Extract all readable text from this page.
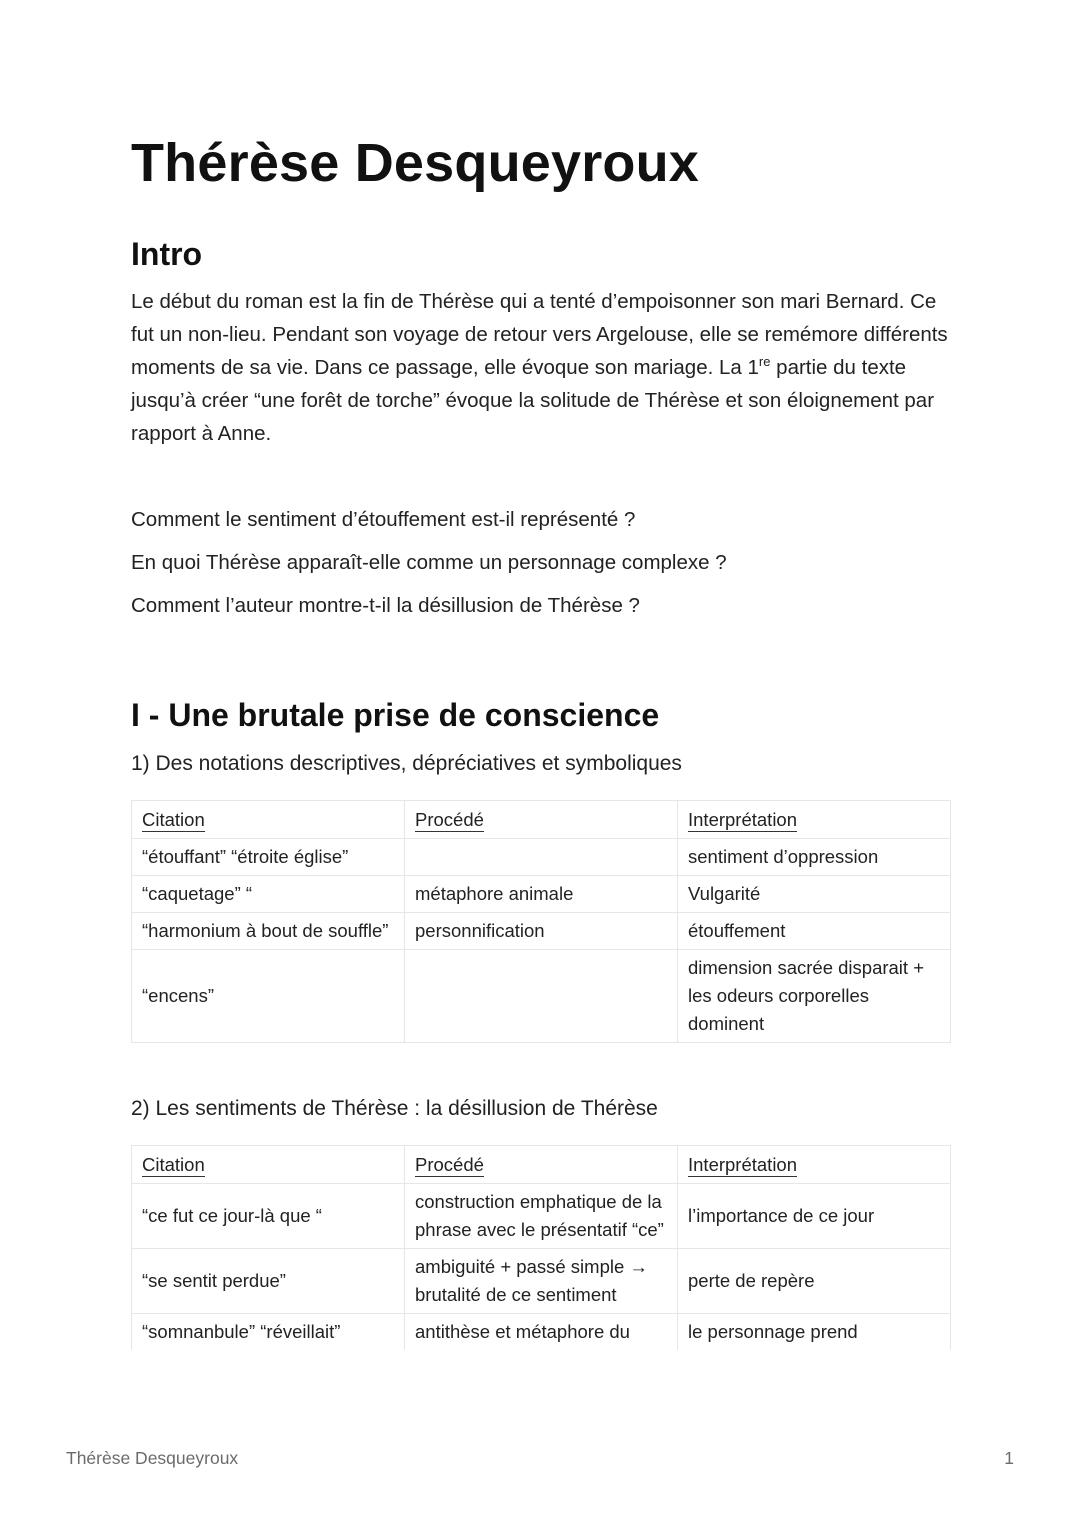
Thérèse Desqueyroux
Intro

Le début du roman est la fin de Thérèse qui a tenté d’empoisonner son mari Bernard. Ce fut un non-lieu. Pendant son voyage de retour vers Argelouse, elle se remémore différents moments de sa vie. Dans ce passage, elle évoque son mariage. La 1re partie du texte jusqu’à créer “une forêt de torche” évoque la solitude de Thérèse et son éloignement par rapport à Anne.

Comment le sentiment d’étouffement est-il représenté ?

En quoi Thérèse apparaît-elle comme un personnage complexe ?

Comment l’auteur montre-t-il la désillusion de Thérèse ?

I - Une brutale prise de conscience

1) Des notations descriptives, dépréciatives et symboliques

Citation	Procédé	Interprétation
“étouffant” “étroite église”		sentiment d’oppression
“caquetage” “	métaphore animale	Vulgarité
“harmonium à bout de souffle”	personnification	étouffement
“encens”		dimension sacrée disparait + les odeurs corporelles dominent

2) Les sentiments de Thérèse : la désillusion de Thérèse

Citation	Procédé	Interprétation
“ce fut ce jour-là que “	construction emphatique de la phrase avec le présentatif “ce”	l’importance de ce jour
“se sentit perdue”	ambiguité + passé simple → brutalité de ce sentiment	perte de repère
“somnanbule” “réveillait”	antithèse et métaphore du	le personnage prend
Thérèse Desqueyroux	1
